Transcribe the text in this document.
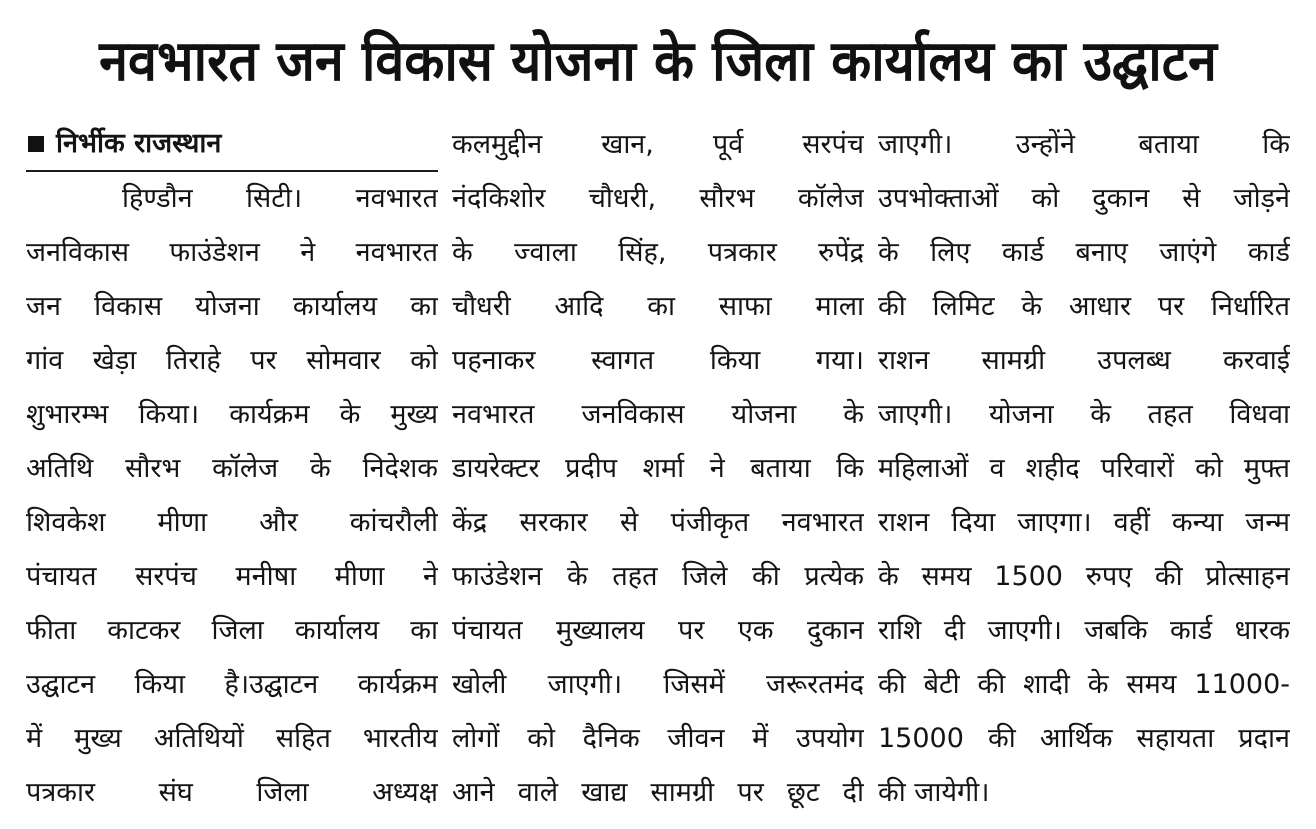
नवभारत जन विकास योजना के जिला कार्यालय का उद्घाटन
निर्भीक राजस्थान
हिण्डौन सिटी। नवभारत
जनविकास फाउंडेशन ने नवभारत
जन विकास योजना कार्यालय का
गांव खेड़ा तिराहे पर सोमवार को
शुभारम्भ किया। कार्यक्रम के मुख्य
अतिथि सौरभ कॉलेज के निदेशक
शिवकेश मीणा और कांचरौली
पंचायत सरपंच मनीषा मीणा ने
फीता काटकर जिला कार्यालय का
उद्घाटन किया है।उद्घाटन कार्यक्रम
में मुख्य अतिथियों सहित भारतीय
पत्रकार संघ जिला अध्यक्ष
कलमुद्दीन खान, पूर्व सरपंच
नंदकिशोर चौधरी, सौरभ कॉलेज
के ज्वाला सिंह, पत्रकार रुपेंद्र
चौधरी आदि का साफा माला
पहनाकर स्वागत किया गया।
नवभारत जनविकास योजना के
डायरेक्टर प्रदीप शर्मा ने बताया कि
केंद्र सरकार से पंजीकृत नवभारत
फाउंडेशन के तहत जिले की प्रत्येक
पंचायत मुख्यालय पर एक दुकान
खोली जाएगी। जिसमें जरूरतमंद
लोगों को दैनिक जीवन में उपयोग
आने वाले खाद्य सामग्री पर छूट दी
जाएगी। उन्होंने बताया कि
उपभोक्ताओं को दुकान से जोड़ने
के लिए कार्ड बनाए जाएंगे कार्ड
की लिमिट के आधार पर निर्धारित
राशन सामग्री उपलब्ध करवाई
जाएगी। योजना के तहत विधवा
महिलाओं व शहीद परिवारों को मुफ्त
राशन दिया जाएगा। वहीं कन्या जन्म
के समय 1500 रुपए की प्रोत्साहन
राशि दी जाएगी। जबकि कार्ड धारक
की बेटी की शादी के समय 11000-
15000 की आर्थिक सहायता प्रदान
की जायेगी।
